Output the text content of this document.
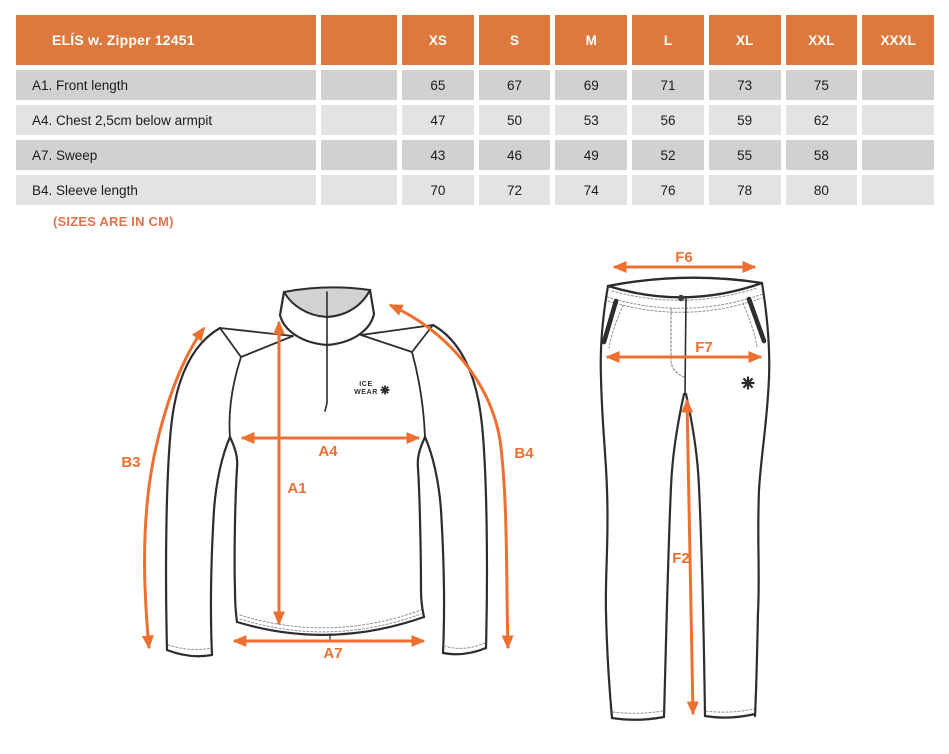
ELÍS w. Zipper 12451		XS	S	M	L	XL	XXL	XXXL
A1. Front length		65	67	69	71	73	75	
A4. Chest 2,5cm below armpit		47	50	53	56	59	62	
A7. Sweep		43	46	49	52	55	58	
B4. Sleeve length		70	72	74	76	78	80	
(SIZES ARE IN CM)
ICE
WEAR
B3
A4
A1
B4
A7
F6
F7
F2
